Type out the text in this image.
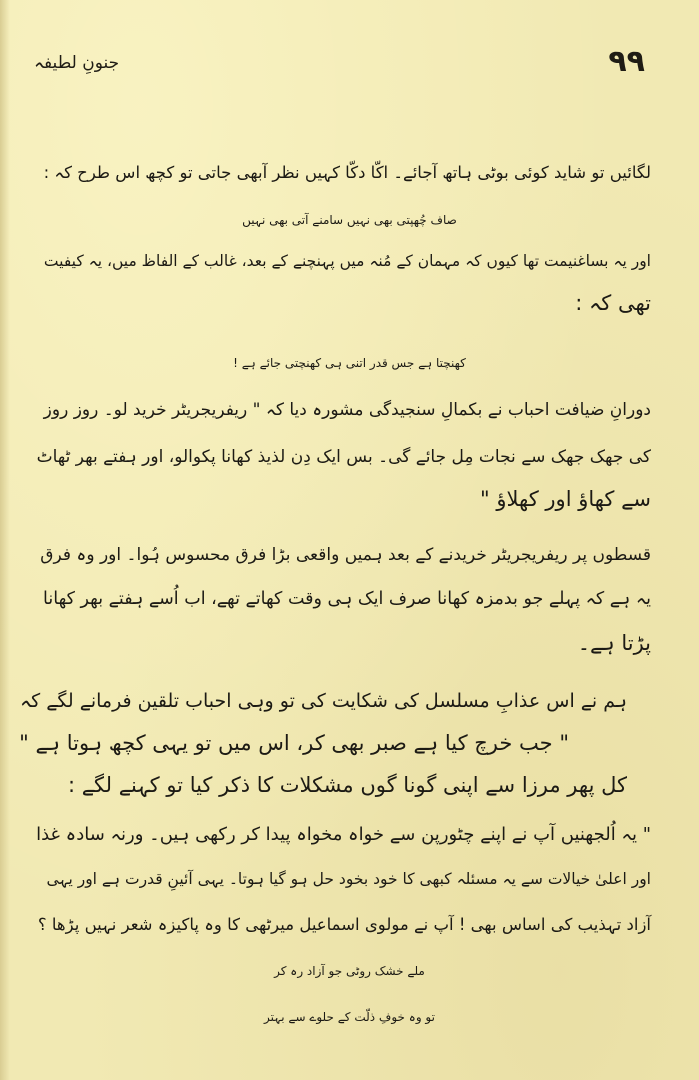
جنونِ لطیفہ	۹۹
لگائیں تو شاید کوئی بوٹی ہاتھ آجائے۔ اکّا دکّا کہیں نظر آبھی جاتی تو کچھ اس طرح کہ :
صاف چُھپتی بھی نہیں سامنے آتی بھی نہیں
اور یہ بساغنیمت تھا کیوں کہ مہمان کے مُنہ میں پہنچنے کے بعد، غالب کے الفاظ میں، یہ کیفیت
تھی کہ :
کھنچتا ہے جس قدر اتنی ہی کھنچتی جائے ہے !
دورانِ ضیافت احباب نے بکمالِ سنجیدگی مشورہ دیا کہ " ریفریجریٹر خرید لو۔ روز روز
کی جھک جھک سے نجات مِل جائے گی۔ بس ایک دِن لذیذ کھانا پکوالو، اور ہفتے بھر ٹھاٹ
سے کھاؤ اور کھلاؤ "
قسطوں پر ریفریجریٹر خریدنے کے بعد ہمیں واقعی بڑا فرق محسوس ہُوا۔ اور وہ فرق
یہ ہے کہ پہلے جو بدمزہ کھانا صرف ایک ہی وقت کھاتے تھے، اب اُسے ہفتے بھر کھانا
پڑتا ہے۔
ہم نے اس عذابِ مسلسل کی شکایت کی تو وہی احباب تلقین فرمانے لگے کہ
" جب خرچ کیا ہے صبر بھی کر، اس میں تو یہی کچھ ہوتا ہے "
کل پھر مرزا سے اپنی گونا گوں مشکلات کا ذکر کیا تو کہنے لگے :
" یہ اُلجھنیں آپ نے اپنے چٹورپن سے خواہ مخواہ پیدا کر رکھی ہیں۔ ورنہ سادہ غذا
اور اعلیٰ خیالات سے یہ مسئلہ کبھی کا خود بخود حل ہو گیا ہوتا۔ یہی آئینِ قدرت ہے اور یہی
آزاد تہذیب کی اساس بھی ! آپ نے مولوی اسماعیل میرٹھی کا وہ پاکیزہ شعر نہیں پڑھا ؟
ملے خشک روٹی جو آزاد رہ کر
تو وہ خوفِ ذلّت کے حلوے سے بہتر
